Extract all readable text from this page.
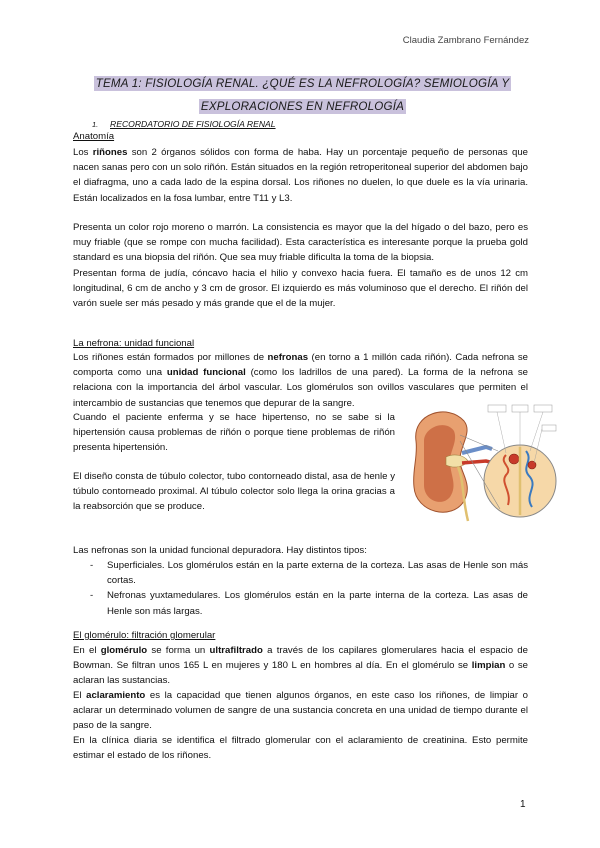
Claudia Zambrano Fernández
TEMA 1: FISIOLOGÍA RENAL. ¿QUÉ ES LA NEFROLOGÍA? SEMIOLOGÍA Y EXPLORACIONES EN NEFROLOGÍA
1. RECORDATORIO DE FISIOLOGÍA RENAL
Anatomía

Los riñones son 2 órganos sólidos con forma de haba. Hay un porcentaje pequeño de personas que nacen sanas pero con un solo riñón. Están situados en la región retroperitoneal superior del abdomen bajo el diafragma, uno a cada lado de la espina dorsal. Los riñones no duelen, lo que duele es la vía urinaria. Están localizados en la fosa lumbar, entre T11 y L3.

Presenta un color rojo moreno o marrón. La consistencia es mayor que la del hígado o del bazo, pero es muy friable (que se rompe con mucha facilidad). Esta característica es interesante porque la prueba gold standard es una biopsia del riñón. Que sea muy friable dificulta la toma de la biopsia.

Presentan forma de judía, cóncavo hacia el hilio y convexo hacia fuera. El tamaño es de unos 12 cm longitudinal, 6 cm de ancho y 3 cm de grosor. El izquierdo es más voluminoso que el derecho. El riñón del varón suele ser más pesado y más grande que el de la mujer.

La nefrona: unidad funcional

Los riñones están formados por millones de nefronas (en torno a 1 millón cada riñón). Cada nefrona se comporta como una unidad funcional (como los ladrillos de una pared). La forma de la nefrona se relaciona con la importancia del árbol vascular. Los glomérulos son ovillos vasculares que permiten el intercambio de sustancias que tenemos que depurar de la sangre.

Cuando el paciente enferma y se hace hipertenso, no se sabe si la hipertensión causa problemas de riñón o porque tiene problemas de riñón presenta hipertensión.

El diseño consta de túbulo colector, tubo contorneado distal, asa de henle y túbulo contorneado proximal. Al túbulo colector solo llega la orina gracias a la reabsorción que se produce.

Las nefronas son la unidad funcional depuradora. Hay distintos tipos:

- Superficiales. Los glomérulos están en la parte externa de la corteza. Las asas de Henle son más cortas.
- Nefronas yuxtamedulares. Los glomérulos están en la parte interna de la corteza. Las asas de Henle son más largas.
El glomérulo: filtración glomerular

En el glomérulo se forma un ultrafiltrado a través de los capilares glomerulares hacia el espacio de Bowman. Se filtran unos 165 L en mujeres y 180 L en hombres al día. En el glomérulo se limpian o se aclaran las sustancias.

El aclaramiento es la capacidad que tienen algunos órganos, en este caso los riñones, de limpiar o aclarar un determinado volumen de sangre de una sustancia concreta en una unidad de tiempo durante el paso de la sangre.

En la clínica diaria se identifica el filtrado glomerular con el aclaramiento de creatinina. Esto permite estimar el estado de los riñones.

1
